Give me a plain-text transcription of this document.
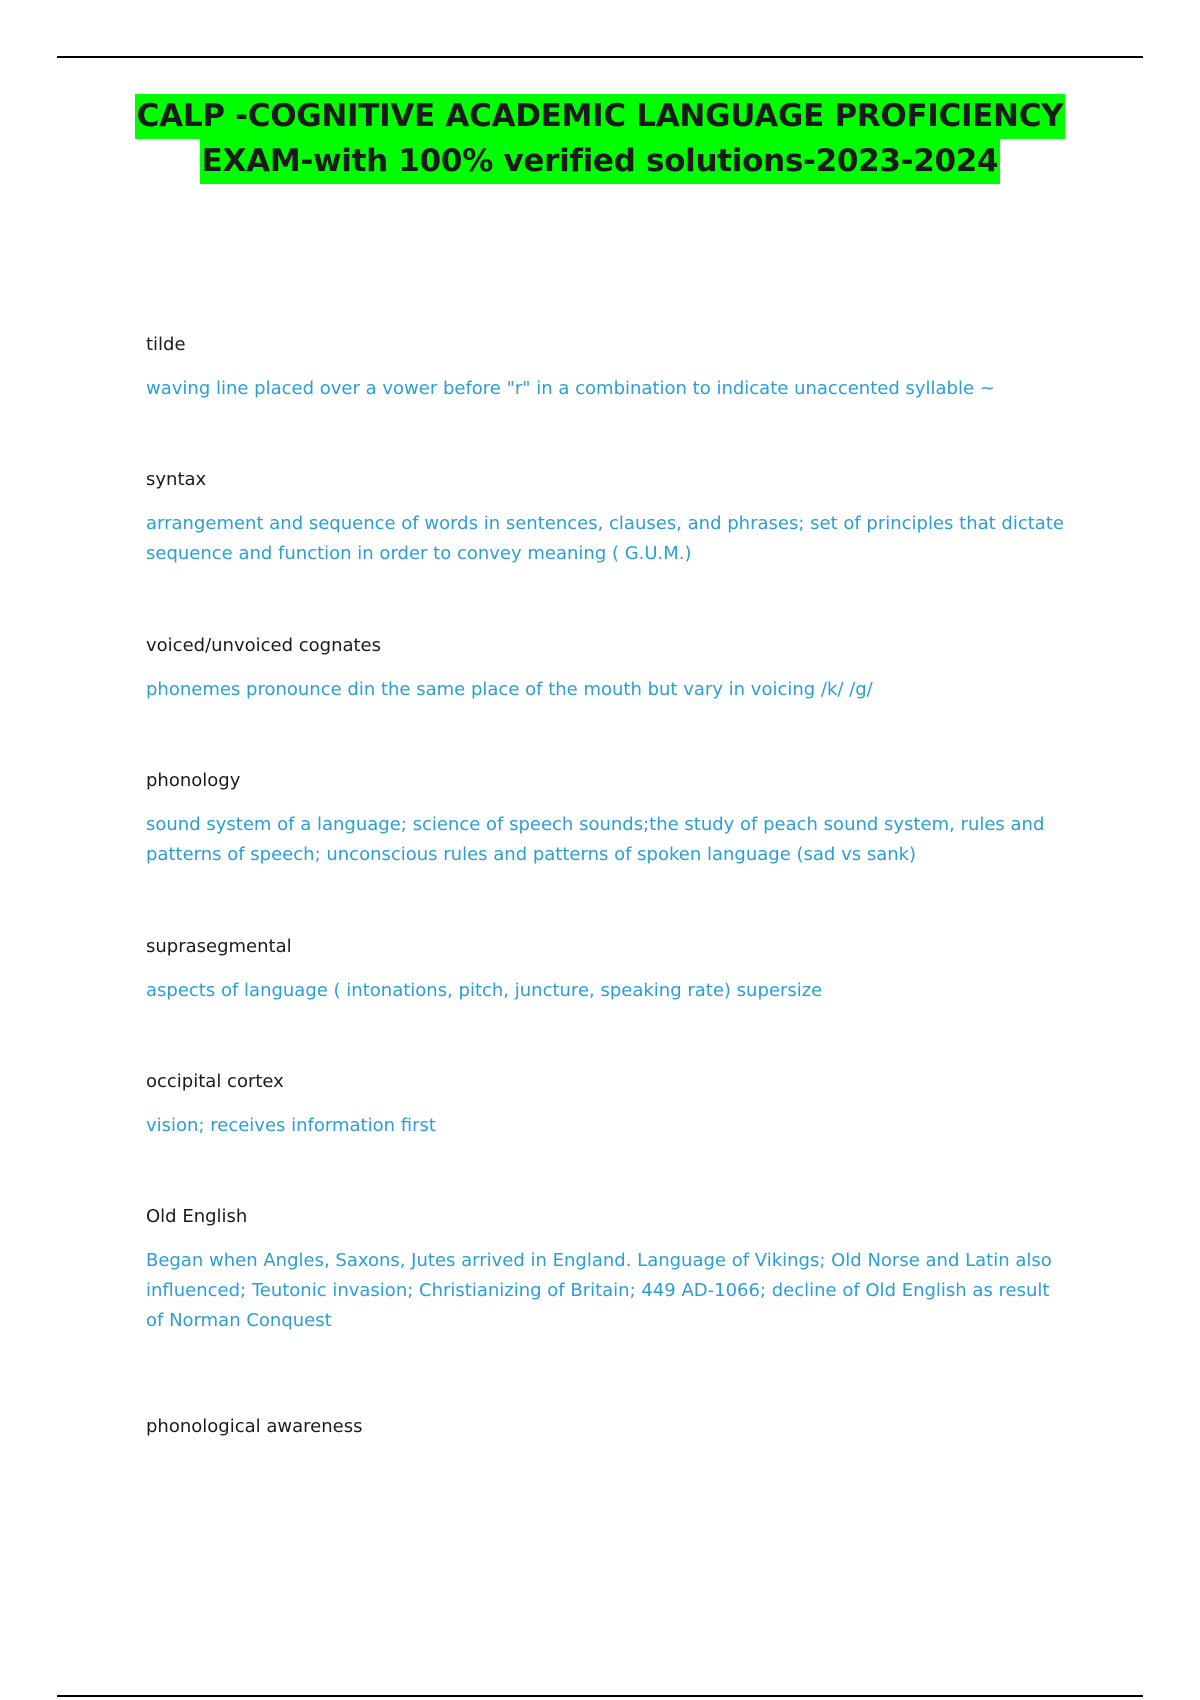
CALP -COGNITIVE ACADEMIC LANGUAGE PROFICIENCY
EXAM-with 100% verified solutions-2023-2024

tilde

waving line placed over a vower before "r" in a combination to indicate unaccented syllable ~

syntax

arrangement and sequence of words in sentences, clauses, and phrases; set of principles that dictate sequence and function in order to convey meaning ( G.U.M.)

voiced/unvoiced cognates

phonemes pronounce din the same place of the mouth but vary in voicing /k/ /g/

phonology

sound system of a language; science of speech sounds;the study of peach sound system, rules and patterns of speech; unconscious rules and patterns of spoken language (sad vs sank)

suprasegmental

aspects of language ( intonations, pitch, juncture, speaking rate) supersize

occipital cortex

vision; receives information first

Old English

Began when Angles, Saxons, Jutes arrived in England. Language of Vikings; Old Norse and Latin also influenced; Teutonic invasion; Christianizing of Britain; 449 AD-1066; decline of Old English as result of Norman Conquest

phonological awareness
